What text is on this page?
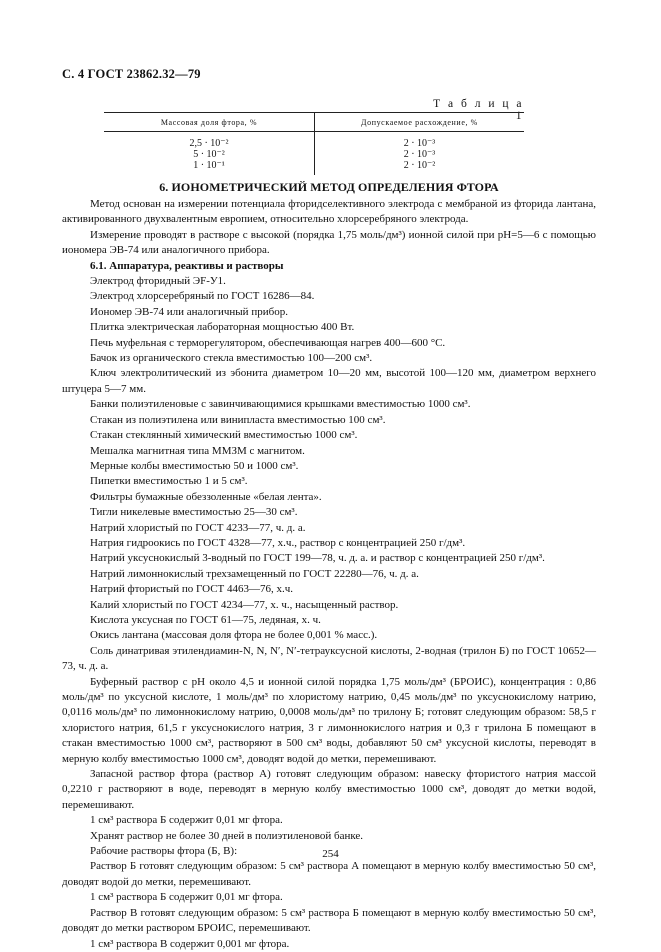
С. 4 ГОСТ 23862.32—79
Т а б л и ц а 1
Массовая доля фтора, %	Допускаемое расхождение, %
2,5 · 10⁻²	2 · 10⁻³
5 · 10⁻²	2 · 10⁻³
1 · 10⁻¹	2 · 10⁻²
6. ИОНОМЕТРИЧЕСКИЙ МЕТОД ОПРЕДЕЛЕНИЯ ФТОРА

Метод основан на измерении потенциала фторидселективного электрода с мембраной из фторида лантана, активированного двухвалентным европием, относительно хлорсеребряного электрода.

Измерение проводят в растворе с высокой (порядка 1,75 моль/дм³) ионной силой при pH=5—6 с помощью иономера ЭВ-74 или аналогичного прибора.

6.1. Аппаратура, реактивы и растворы

Электрод фторидный ЭF-У1.

Электрод хлорсеребряный по ГОСТ 16286—84.

Иономер ЭВ-74 или аналогичный прибор.

Плитка электрическая лабораторная мощностью 400 Вт.

Печь муфельная с терморегулятором, обеспечивающая нагрев 400—600 °С.

Бачок из органического стекла вместимостью 100—200 см³.

Ключ электролитический из эбонита диаметром 10—20 мм, высотой 100—120 мм, диаметром верхнего штуцера 5—7 мм.

Банки полиэтиленовые с завинчивающимися крышками вместимостью 1000 см³.

Стакан из полиэтилена или винипласта вместимостью 100 см³.

Стакан стеклянный химический вместимостью 1000 см³.

Мешалка магнитная типа ММЗМ с магнитом.

Мерные колбы вместимостью 50 и 1000 см³.

Пипетки вместимостью 1 и 5 см³.

Фильтры бумажные обеззоленные «белая лента».

Тигли никелевые вместимостью 25—30 см³.

Натрий хлористый по ГОСТ 4233—77, ч. д. а.

Натрия гидроокись по ГОСТ 4328—77, х.ч., раствор с концентрацией 250 г/дм³.

Натрий уксуснокислый 3-водный по ГОСТ 199—78, ч. д. а. и раствор с концентрацией 250 г/дм³.

Натрий лимоннокислый трехзамещенный по ГОСТ 22280—76, ч. д. а.

Натрий фтористый по ГОСТ 4463—76, х.ч.

Калий хлористый по ГОСТ 4234—77, х. ч., насыщенный раствор.

Кислота уксусная по ГОСТ 61—75, ледяная, х. ч.

Окись лантана (массовая доля фтора не более 0,001 % масс.).

Соль динатривая этилендиамин-N, N, N′, N′-тетрауксусной кислоты, 2-водная (трилон Б) по ГОСТ 10652—73, ч. д. а.

Буферный раствор с pH около 4,5 и ионной силой порядка 1,75 моль/дм³ (БРОИС), концентрация : 0,86 моль/дм³ по уксусной кислоте, 1 моль/дм³ по хлористому натрию, 0,45 моль/дм³ по уксуснокислому натрию, 0,0116 моль/дм³ по лимоннокислому натрию, 0,0008 моль/дм³ по трилону Б; готовят следующим образом: 58,5 г хлористого натрия, 61,5 г уксуснокислого натрия, 3 г лимоннокислого натрия и 0,3 г трилона Б помещают в стакан вместимостью 1000 см³, растворяют в 500 см³ воды, добавляют 50 см³ уксусной кислоты, переводят в мерную колбу вместимостью 1000 см³, доводят водой до метки, перемешивают.

Запасной раствор фтора (раствор А) готовят следующим образом: навеску фтористого натрия массой 0,2210 г растворяют в воде, переводят в мерную колбу вместимостью 1000 см³, доводят до метки водой, перемешивают.

1 см³ раствора Б содержит 0,01 мг фтора.

Хранят раствор не более 30 дней в полиэтиленовой банке.

Рабочие растворы фтора (Б, В):

Раствор Б готовят следующим образом: 5 см³ раствора А помещают в мерную колбу вместимостью 50 см³, доводят водой до метки, перемешивают.

1 см³ раствора Б содержит 0,01 мг фтора.

Раствор В готовят следующим образом: 5 см³ раствора Б помещают в мерную колбу вместимостью 50 см³, доводят до метки раствором БРОИС, перемешивают.

1 см³ раствора В содержит 0,001 мг фтора.

254
